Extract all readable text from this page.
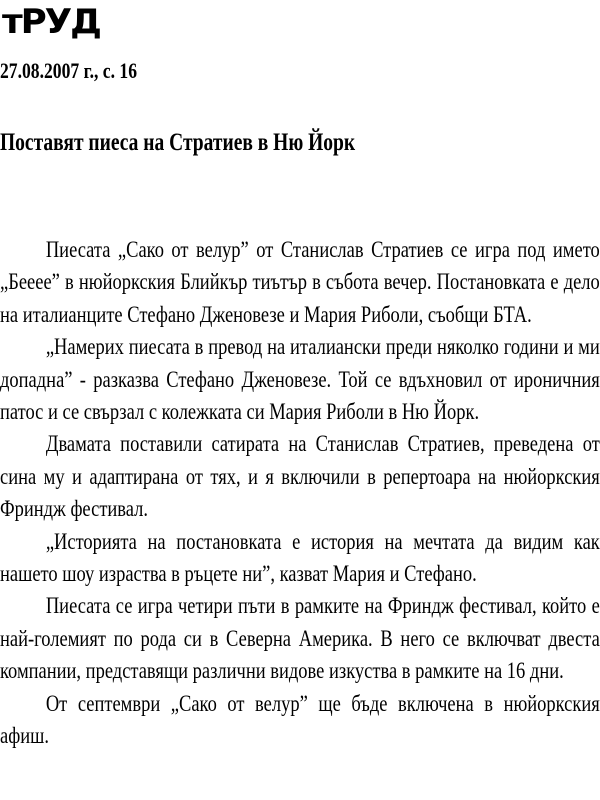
тРУД
27.08.2007 г., с. 16
Поставят пиеса на Стратиев в Ню Йорк

Пиесата „Сако от велур” от Станислав Стратиев се игра под името „Бееее” в нюйоркския Блийкър тиътър в събота вечер. Постановката е дело на италианците Стефано Дженовезе и Мария Риболи, съобщи БТА.

„Намерих пиесата в превод на италиански преди няколко години и ми допадна” - разказва Стефано Дженовезе. Той се вдъхновил от ироничния патос и се свързал с колежката си Мария Риболи в Ню Йорк.

Двамата поставили сатирата на Станислав Стратиев, преведена от сина му и адаптирана от тях, и я включили в репертоара на нюйоркския Фриндж фестивал.

„Историята на постановката е история на мечтата да видим как нашето шоу израства в ръцете ни”, казват Мария и Стефано.

Пиесата се игра четири пъти в рамките на Фриндж фестивал, който е най-големият по рода си в Северна Америка. В него се включват двеста компании, представящи различни видове изкуства в рамките на 16 дни.

От септември „Сако от велур” ще бъде включена в нюйоркския афиш.
